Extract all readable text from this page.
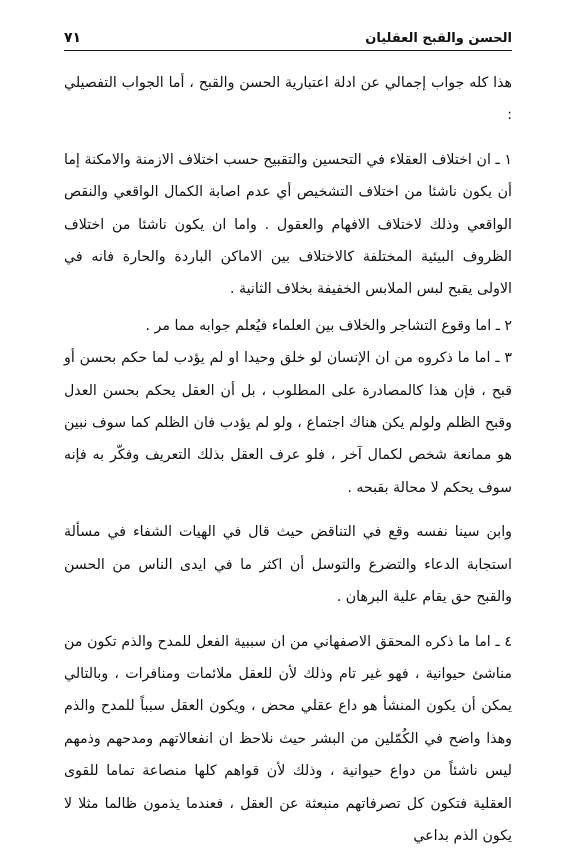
الحسن والقبح العقليان
٧١

هذا كله جواب إجمالي عن ادلة اعتبارية الحسن والقبح ، أما الجواب التفصيلي :

١ ـ ان اختلاف العقلاء في التحسين والتقبيح حسب اختلاف الازمنة والامكنة إما أن يكون ناشئا من اختلاف التشخيص أي عدم اصابة الكمال الواقعي والنقص الواقعي وذلك لاختلاف الافهام والعقول . واما ان يكون ناشئا من اختلاف الظروف البيئية المختلفة كالاختلاف بين الاماكن الباردة والحارة فانه في الاولى يقبح لبس الملابس الخفيفة بخلاف الثانية .

٢ ـ اما وقوع التشاجر والخلاف بين العلماء فيُعلم جوابه مما مر .

٣ ـ اما ما ذكروه من ان الإنسان لو خلق وحيدا او لم يؤدب لما حكم بحسن أو قبح ، فإن هذا كالمصادرة على المطلوب ، بل أن العقل يحكم بحسن العدل وقبح الظلم ولولم يكن هناك اجتماع ، ولو لم يؤدب فان الظلم كما سوف نبين هو ممانعة شخص لكمال آخر ، فلو عرف العقل بذلك التعريف وفكّر به فإنه سوف يحكم لا محالة بقبحه .

وابن سينا نفسه وقع في التناقض حيث قال في الهيات الشفاء في مسألة استجابة الدعاء والتضرع والتوسل أن اكثر ما في ايدى الناس من الحسن والقبح حق يقام علية البرهان .

٤ ـ اما ما ذكره المحقق الاصفهاني من ان سببية الفعل للمدح والذم تكون من مناشئ حيوانية ، فهو غير تام وذلك لأن للعقل ملائمات ومنافرات ، وبالتالي يمكن أن يكون المنشأ هو داع عقلي محض ، ويكون العقل سبباً للمدح والذم وهذا واضح في الكُمّلين من البشر حيث نلاحظ ان انفعالاتهم ومدحهم وذمهم ليس ناشئاً من دواع حيوانية ، وذلك لأن قواهم كلها منصاعة تماما للقوى العقلية فتكون كل تصرفاتهم منبعثة عن العقل ، فعندما يذمون ظالما مثلا لا يكون الذم بداعي
